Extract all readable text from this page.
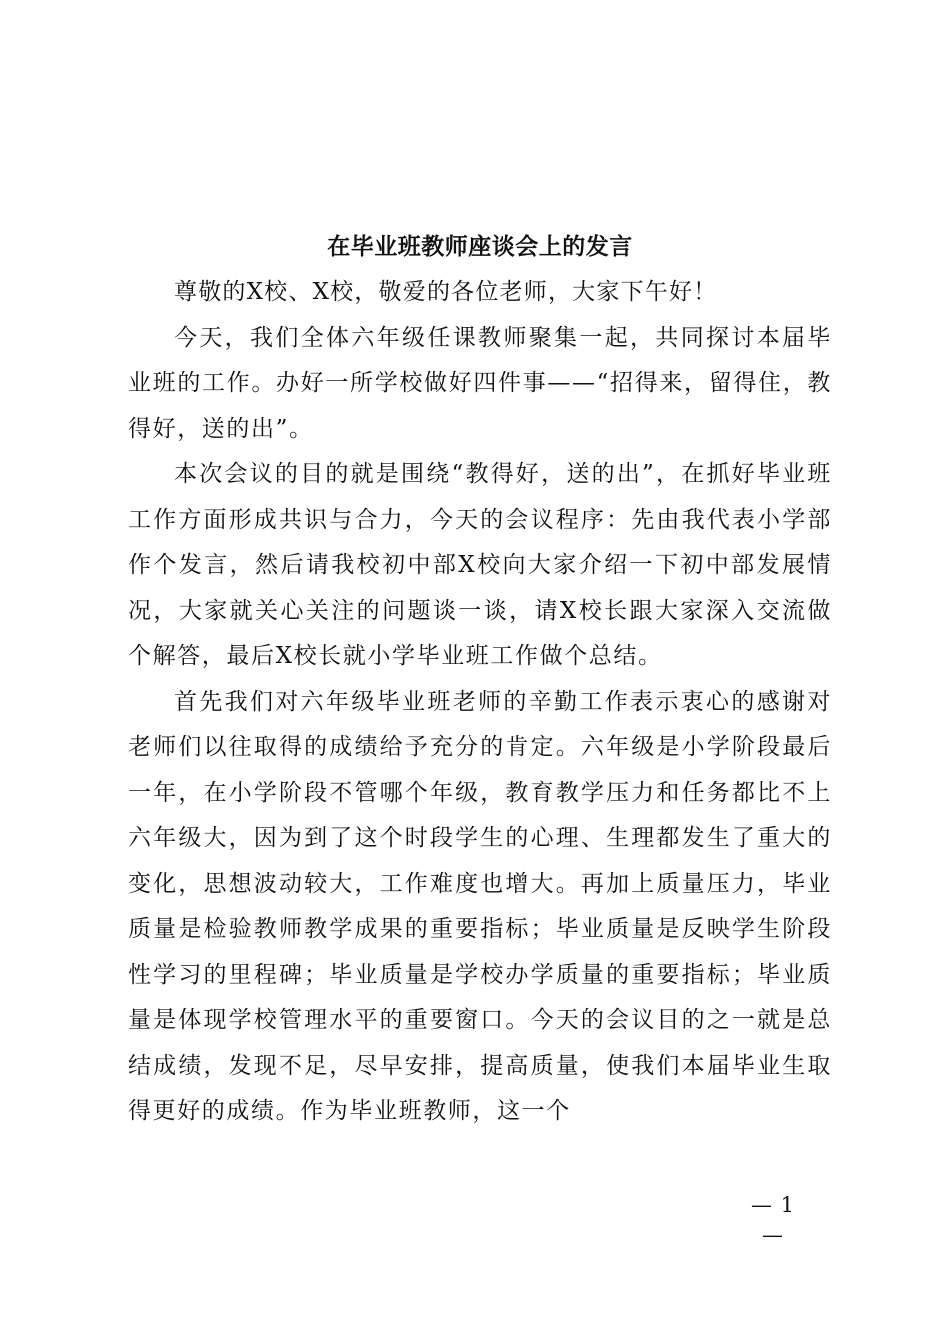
在毕业班教师座谈会上的发言

尊敬的X校、X校，敬爱的各位老师，大家下午好！

今天，我们全体六年级任课教师聚集一起，共同探讨本届毕业班的工作。办好一所学校做好四件事——“招得来，留得住，教得好，送的出”。

本次会议的目的就是围绕“教得好，送的出”，在抓好毕业班工作方面形成共识与合力，今天的会议程序：先由我代表小学部作个发言，然后请我校初中部X校向大家介绍一下初中部发展情况，大家就关心关注的问题谈一谈，请X校长跟大家深入交流做个解答，最后X校长就小学毕业班工作做个总结。

首先我们对六年级毕业班老师的辛勤工作表示衷心的感谢对老师们以往取得的成绩给予充分的肯定。六年级是小学阶段最后一年，在小学阶段不管哪个年级，教育教学压力和任务都比不上六年级大，因为到了这个时段学生的心理、生理都发生了重大的变化，思想波动较大，工作难度也增大。再加上质量压力，毕业质量是检验教师教学成果的重要指标；毕业质量是反映学生阶段性学习的里程碑；毕业质量是学校办学质量的重要指标；毕业质量是体现学校管理水平的重要窗口。今天的会议目的之一就是总结成绩，发现不足，尽早安排，提高质量，使我们本届毕业生取得更好的成绩。作为毕业班教师，这一个

— 1 —
